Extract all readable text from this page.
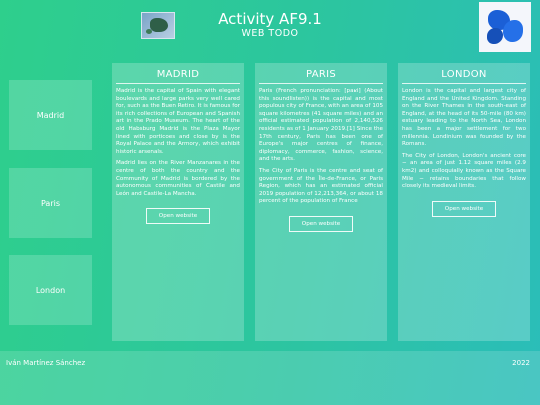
Activity AF9.1
WEB TODO
Madrid
Paris
London
MADRID

Madrid is the capital of Spain with elegant boulevards and large parks very well cared for, such as the Buen Retiro. It is famous for its rich collections of European and Spanish art in the Prado Museum. The heart of the old Habsburg Madrid is the Plaza Mayor lined with porticoes and close by is the Royal Palace and the Armory, which exhibit historic arsenals.

Madrid lies on the River Manzanares in the centre of both the country and the Community of Madrid is bordered by the autonomous communities of Castile and León and Castile-La Mancha.

Open website
PARIS

Paris (French pronunciation: [paʁi] (About this soundlisten)) is the capital and most populous city of France, with an area of 105 square kilometres (41 square miles) and an official estimated population of 2,140,526 residents as of 1 January 2019.[1] Since the 17th century, Paris has been one of Europe's major centres of finance, diplomacy, commerce, fashion, science, and the arts.

The City of Paris is the centre and seat of government of the Île-de-France, or Paris Region, which has an estimated official 2019 population of 12,213,364, or about 18 percent of the population of France

Open website
LONDON

London is the capital and largest city of England and the United Kingdom. Standing on the River Thames in the south-east of England, at the head of its 50-mile (80 km) estuary leading to the North Sea, London has been a major settlement for two millennia. Londinium was founded by the Romans.

The City of London, London's ancient core − an area of just 1.12 square miles (2.9 km2) and colloquially known as the Square Mile − retains boundaries that follow closely its medieval limits.

Open website
Iván Martínez Sánchez	2022
